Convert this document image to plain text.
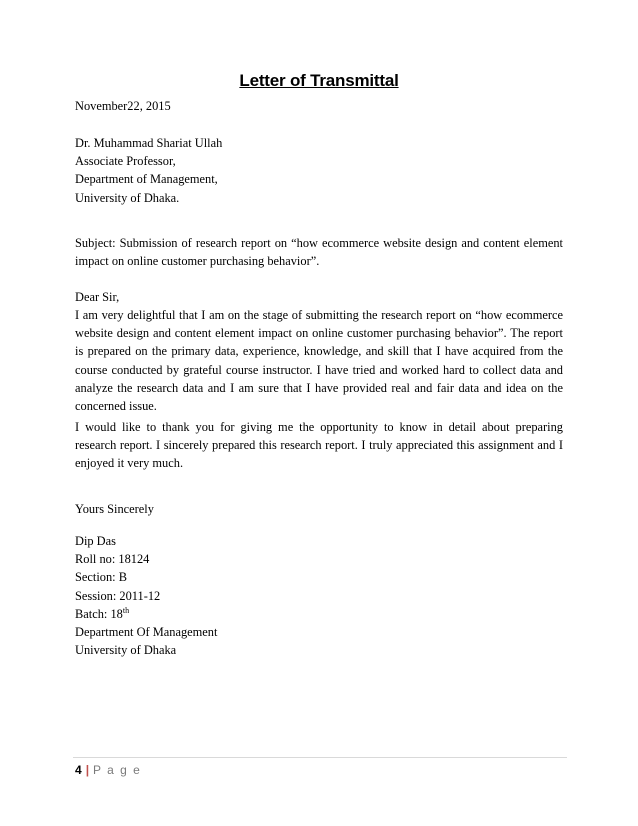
Letter of Transmittal
November22, 2015
Dr. Muhammad Shariat Ullah
Associate Professor,
Department of Management,
University of Dhaka.
Subject: Submission of research report on “how ecommerce website design and content element
impact on online customer purchasing behavior”.
Dear Sir,
I am very delightful that I am on the stage of submitting the research report on “how ecommerce
website design and content element impact on online customer purchasing behavior”. The report
is prepared on the primary data, experience, knowledge, and skill that I have acquired from the
course conducted by grateful course instructor. I have tried and worked hard to collect data and
analyze the research data and I am sure that I have provided real and fair data and idea on the
concerned issue.
I would like to thank you for giving me the opportunity to know in detail about preparing
research report. I sincerely prepared this research report. I truly appreciated this assignment and I
enjoyed it very much.
Yours Sincerely
Dip Das
Roll no: 18124
Section: B
Session: 2011-12
Batch: 18th
Department Of Management
University of Dhaka
4 | P a g e
